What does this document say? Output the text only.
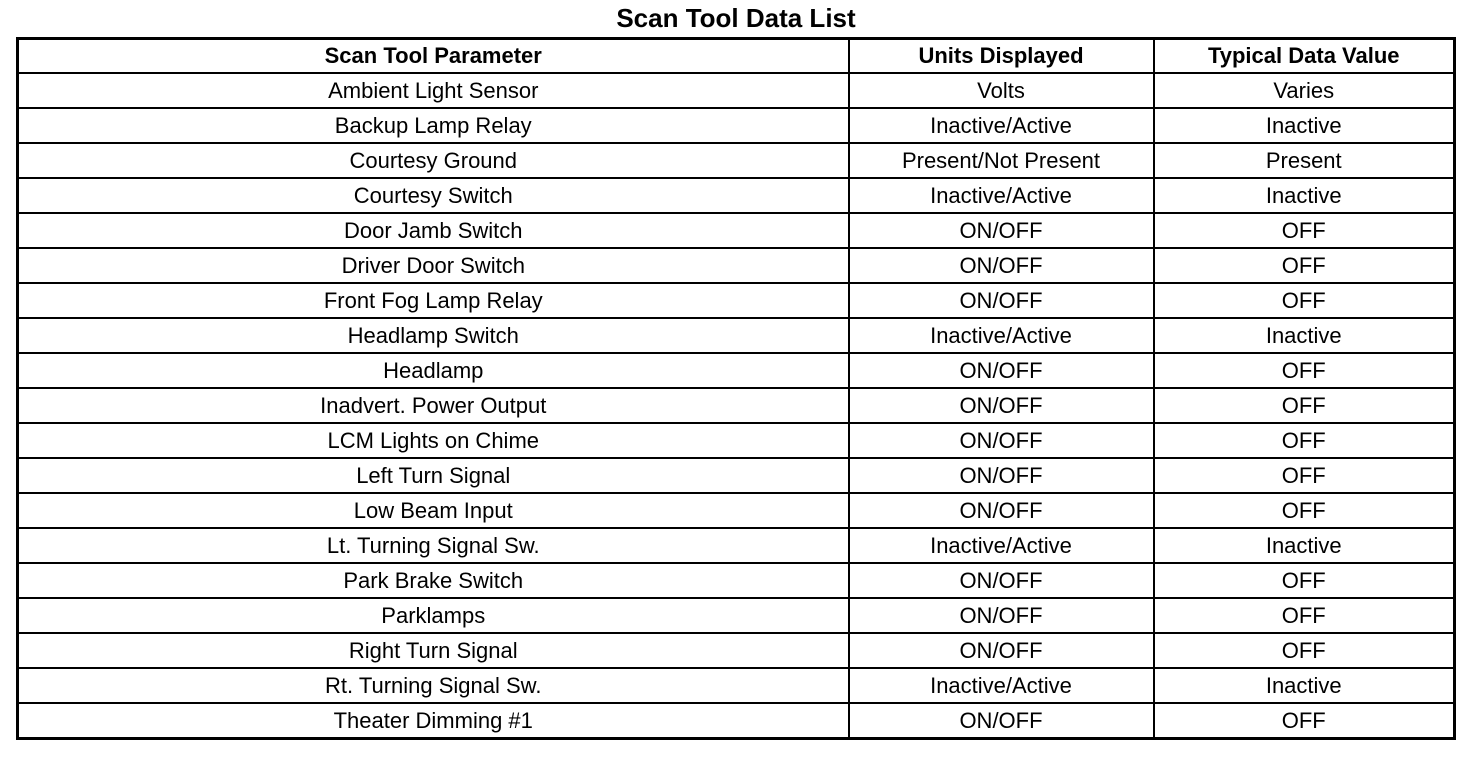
Scan Tool Data List
Scan Tool Parameter	Units Displayed	Typical Data Value
Ambient Light Sensor	Volts	Varies
Backup Lamp Relay	Inactive/Active	Inactive
Courtesy Ground	Present/Not Present	Present
Courtesy Switch	Inactive/Active	Inactive
Door Jamb Switch	ON/OFF	OFF
Driver Door Switch	ON/OFF	OFF
Front Fog Lamp Relay	ON/OFF	OFF
Headlamp Switch	Inactive/Active	Inactive
Headlamp	ON/OFF	OFF
Inadvert. Power Output	ON/OFF	OFF
LCM Lights on Chime	ON/OFF	OFF
Left Turn Signal	ON/OFF	OFF
Low Beam Input	ON/OFF	OFF
Lt. Turning Signal Sw.	Inactive/Active	Inactive
Park Brake Switch	ON/OFF	OFF
Parklamps	ON/OFF	OFF
Right Turn Signal	ON/OFF	OFF
Rt. Turning Signal Sw.	Inactive/Active	Inactive
Theater Dimming #1	ON/OFF	OFF
